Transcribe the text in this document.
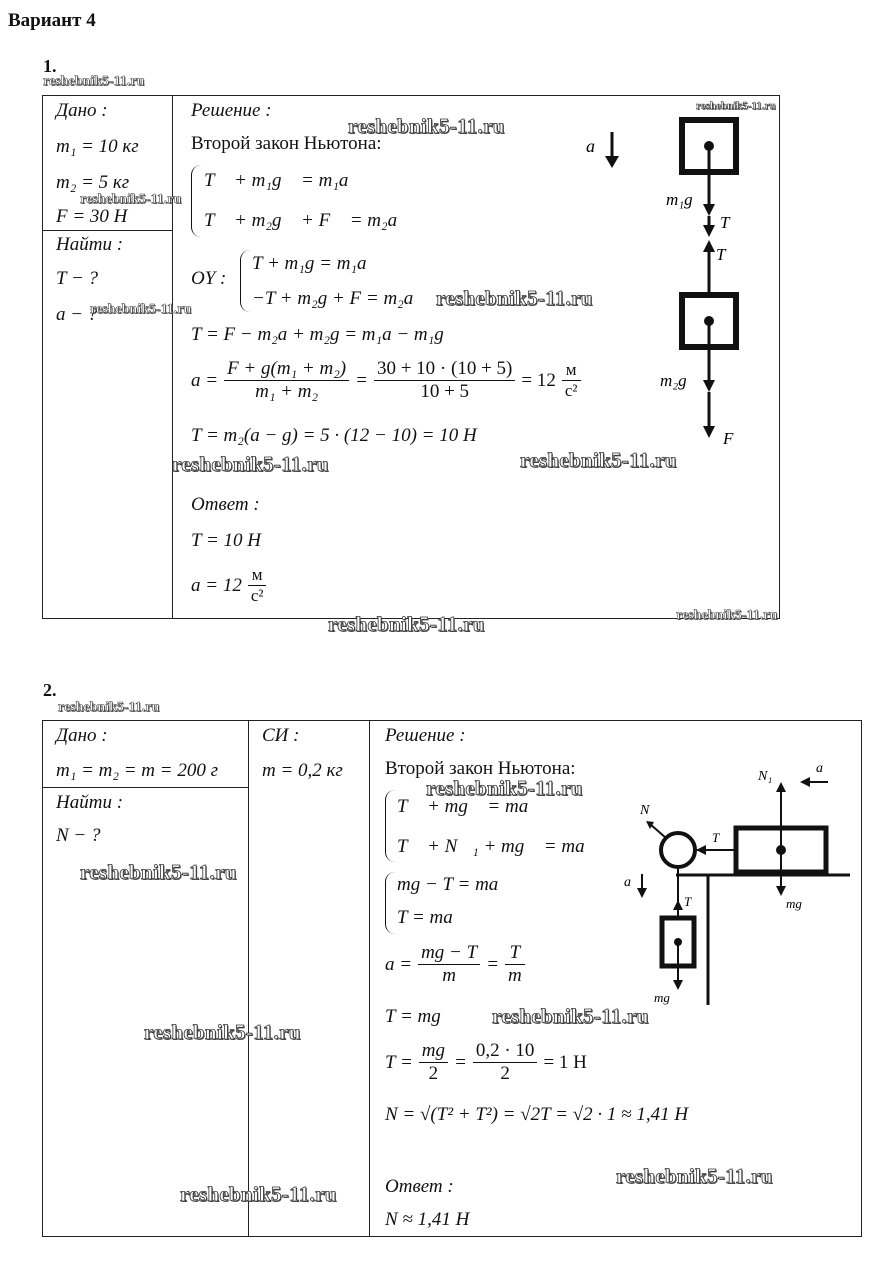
Вариант 4
1.
reshebnik5-11.ru
Дано :
m₁ = 10 кг
m₂ = 5 кг
reshebnik5-11.ru
F = 30 Н
Найти :
T − ?
a − ?
reshebnik5-11.ru
Решение :
Второй закон Ньютона:
reshebnik5-11.ru
reshebnik5-11.ru
T⃗ + m₁g⃗ = m₁a⃗
T⃗ + m₂g⃗ + F⃗ = m₂a⃗
OY :
T + m₁g = m₁a
−T + m₂g + F = m₂a reshebnik5-11.ru
T = F − m₂a + m₂g = m₁a − m₁g
$a = \frac{\text{F + g(m₁ + m₂)}}{\text{m₁ + m₂}} = \frac{30 + 10 \cdot (10 + 5)}{10 + 5} = 12 \frac{м}{\text{с²}}$
T = m₂(a − g) = 5 · (12 − 10) = 10 Н
reshebnik5-11.ru	reshebnik5-11.ru
Ответ :
T = 10 Н
$a = 12 \frac{м}{\text{с²}}$
reshebnik5-11.ru	reshebnik5-11.ru
a
m₁g
T
T
m₂g
F
2.
reshebnik5-11.ru
Дано :
m₁ = m₂ = m = 200 г
Найти :
N − ?
СИ :
m = 0,2 кг
reshebnik5-11.ru
reshebnik5-11.ru
reshebnik5-11.ru
Решение :
Второй закон Ньютона:
reshebnik5-11.ru
T⃗ + mg⃗ = ma⃗
T⃗ + N⃗₁ + mg⃗ = ma⃗
mg − T = ma
T = ma
$a = \frac{mg - T}{m} = \frac{T}{m}$
T = mg reshebnik5-11.ru
$T = \frac{mg}{2} = \frac{0,2 \cdot 10}{2} = 1$ Н
N = √(T² + T²) = √2T = √2 · 1 ≈ 1,41 Н
Ответ :	reshebnik5-11.ru
N ≈ 1,41 Н
N₁
mg
a
T
N
a
T
mg
